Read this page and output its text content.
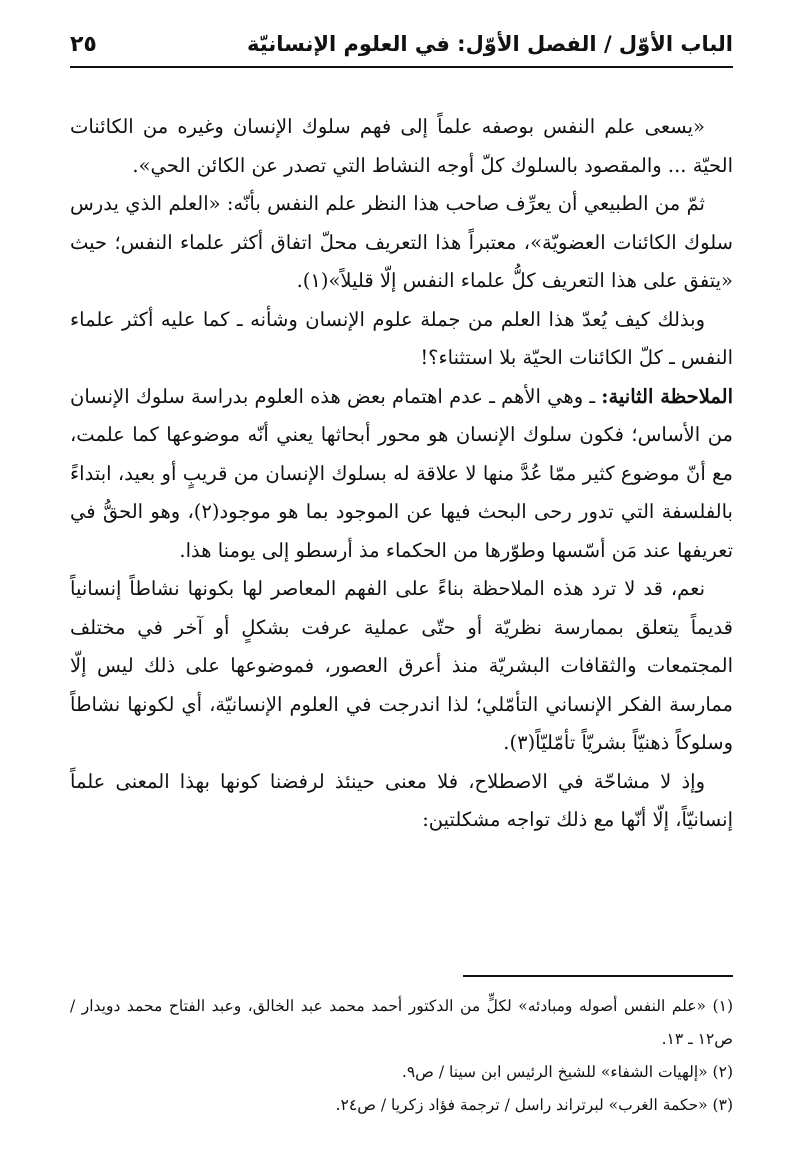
الباب الأوّل / الفصل الأوّل: في العلوم الإنسانيّة
٢٥

«يسعى علم النفس بوصفه علماً إلى فهم سلوك الإنسان وغيره من الكائنات الحيّة ... والمقصود بالسلوك كلّ أوجه النشاط التي تصدر عن الكائن الحي».

ثمّ من الطبيعي أن يعرِّف صاحب هذا النظر علم النفس بأنّه: «العلم الذي يدرس سلوك الكائنات العضويّة»، معتبراً هذا التعريف محلّ اتفاق أكثر علماء النفس؛ حيث «يتفق على هذا التعريف كلُّ علماء النفس إلّا قليلاً»(١).

وبذلك كيف يُعدّ هذا العلم من جملة علوم الإنسان وشأنه ـ كما عليه أكثر علماء النفس ـ كلّ الكائنات الحيّة بلا استثناء؟!

الملاحظة الثانية: ـ وهي الأهم ـ عدم اهتمام بعض هذه العلوم بدراسة سلوك الإنسان من الأساس؛ فكون سلوك الإنسان هو محور أبحاثها يعني أنّه موضوعها كما علمت، مع أنّ موضوع كثير ممّا عُدَّ منها لا علاقة له بسلوك الإنسان من قريبٍ أو بعيد، ابتداءً بالفلسفة التي تدور رحى البحث فيها عن الموجود بما هو موجود(٢)، وهو الحقُّ في تعريفها عند مَن أسّسها وطوّرها من الحكماء مذ أرسطو إلى يومنا هذا.

نعم، قد لا ترد هذه الملاحظة بناءً على الفهم المعاصر لها بكونها نشاطاً إنسانياً قديماً يتعلق بممارسة نظريّة أو حتّى عملية عرفت بشكلٍ أو آخر في مختلف المجتمعات والثقافات البشريّة منذ أعرق العصور، فموضوعها على ذلك ليس إلّا ممارسة الفكر الإنساني التأمّلي؛ لذا اندرجت في العلوم الإنسانيّة، أي لكونها نشاطاً وسلوكاً ذهنيّاً بشريّاً تأمّليّاً(٣).

وإذ لا مشاحّة في الاصطلاح، فلا معنى حينئذ لرفضنا كونها بهذا المعنى علماً إنسانيّاً، إلّا أنّها مع ذلك تواجه مشكلتين:

(١) «علم النفس أصوله ومبادئه» لكلٍّ من الدكتور أحمد محمد عبد الخالق، وعبد الفتاح محمد دويدار / ص١٢ ـ ١٣.

(٢) «إلهيات الشفاء» للشيخ الرئيس ابن سينا / ص٩.

(٣) «حكمة الغرب» لبرتراند راسل / ترجمة فؤاد زكريا / ص٢٤.
